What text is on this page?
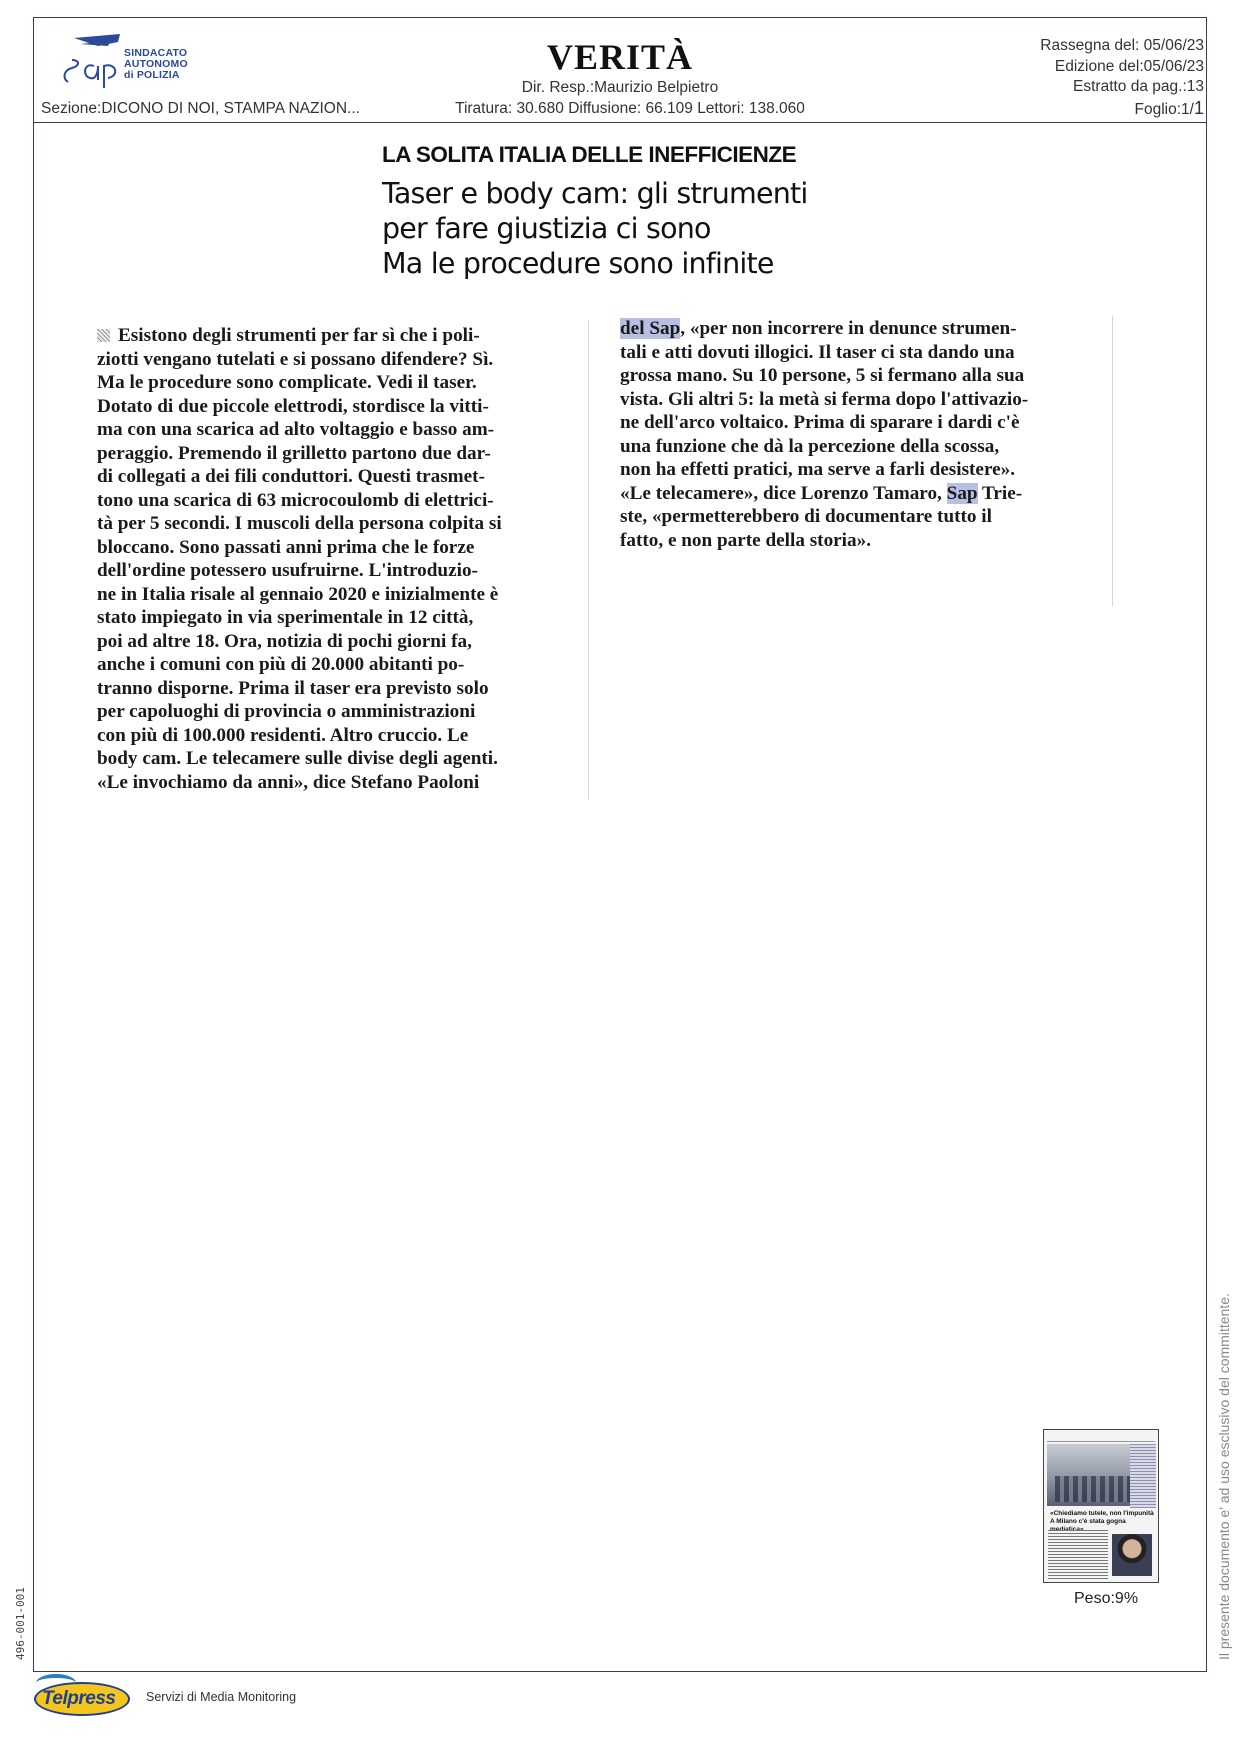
SINDACATO
AUTONOMO
di POLIZIA	VERITÀ
Dir. Resp.:Maurizio Belpietro
Sezione:DICONO DI NOI, STAMPA NAZION...	Tiratura: 30.680 Diffusione: 66.109 Lettori: 138.060
Rassegna del: 05/06/23
Edizione del:05/06/23
Estratto da pag.:13
Foglio:1/1
LA SOLITA ITALIA DELLE INEFFICIENZE
Taser e body cam: gli strumenti
per fare giustizia ci sono
Ma le procedure sono infinite
Esistono degli strumenti per far sì che i poli-
ziotti vengano tutelati e si possano difendere? Sì.
Ma le procedure sono complicate. Vedi il taser.
Dotato di due piccole elettrodi, stordisce la vitti-
ma con una scarica ad alto voltaggio e basso am-
peraggio. Premendo il grilletto partono due dar-
di collegati a dei fili conduttori. Questi trasmet-
tono una scarica di 63 microcoulomb di elettrici-
tà per 5 secondi. I muscoli della persona colpita si
bloccano. Sono passati anni prima che le forze
dell'ordine potessero usufruirne. L'introduzio-
ne in Italia risale al gennaio 2020 e inizialmente è
stato impiegato in via sperimentale in 12 città,
poi ad altre 18. Ora, notizia di pochi giorni fa,
anche i comuni con più di 20.000 abitanti po-
tranno disporne. Prima il taser era previsto solo
per capoluoghi di provincia o amministrazioni
con più di 100.000 residenti. Altro cruccio. Le
body cam. Le telecamere sulle divise degli agenti.
«Le invochiamo da anni», dice Stefano Paoloni
del Sap, «per non incorrere in denunce strumen-
tali e atti dovuti illogici. Il taser ci sta dando una
grossa mano. Su 10 persone, 5 si fermano alla sua
vista. Gli altri 5: la metà si ferma dopo l'attivazio-
ne dell'arco voltaico. Prima di sparare i dardi c'è
una funzione che dà la percezione della scossa,
non ha effetti pratici, ma serve a farli desistere».
«Le telecamere», dice Lorenzo Tamaro, Sap Trie-
ste, «permetterebbero di documentare tutto il
fatto, e non parte della storia».
«Chiediamo tutele, non l'impunità A Milano c'è stata gogna
Peso:9%	Il presente documento e' ad uso esclusivo del committente.
496-001-001
Telpress Servizi di Media Monitoring
